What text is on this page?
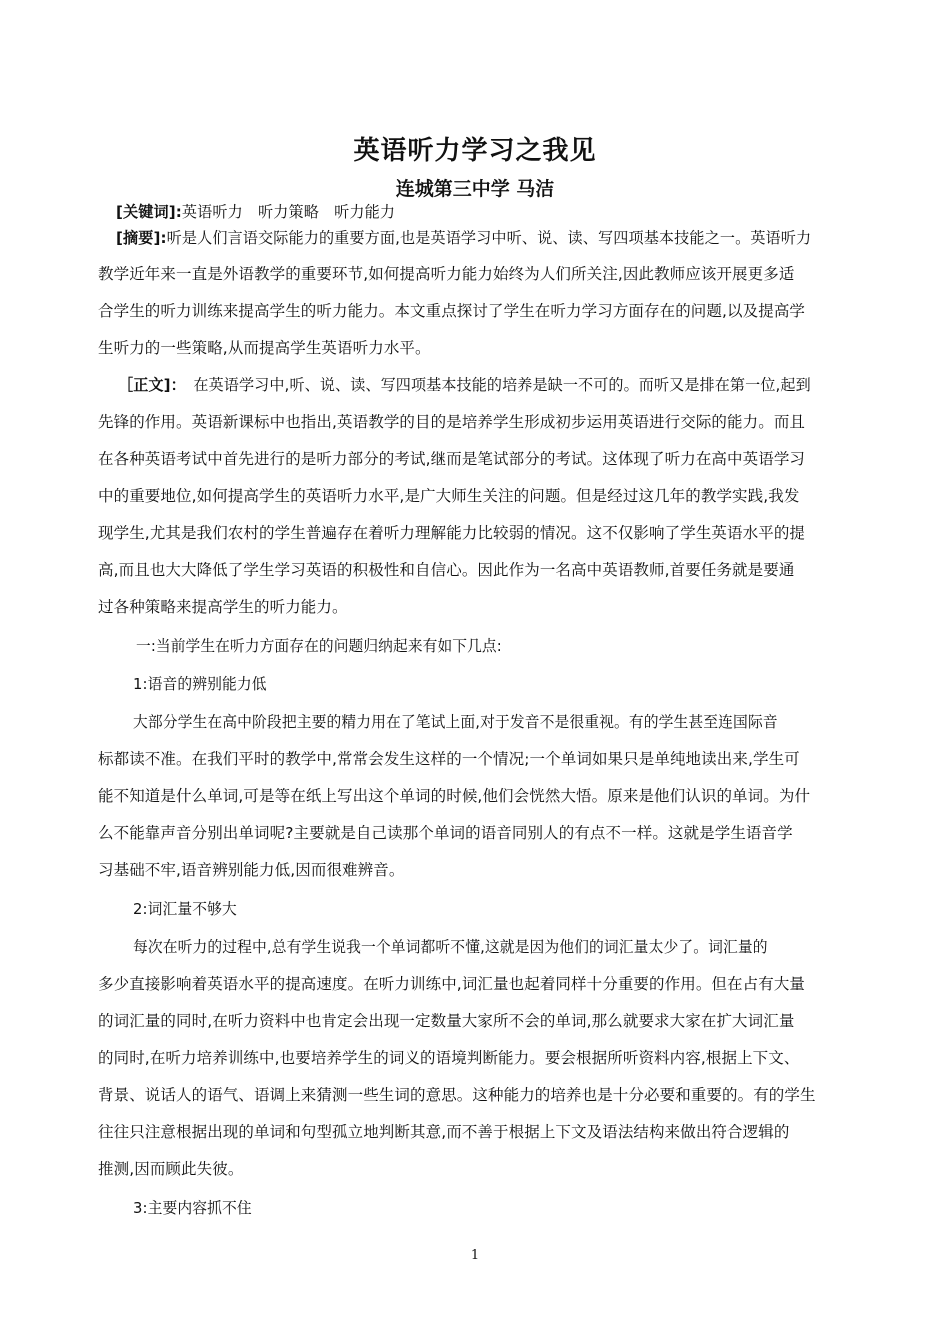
英语听力学习之我见
连城第三中学 马洁
[关键词]:英语听力　听力策略　听力能力
[摘要]:听是人们言语交际能力的重要方面,也是英语学习中听、说、读、写四项基本技能之一。英语听力
教学近年来一直是外语教学的重要环节,如何提高听力能力始终为人们所关注,因此教师应该开展更多适
合学生的听力训练来提高学生的听力能力。本文重点探讨了学生在听力学习方面存在的问题,以及提高学
生听力的一些策略,从而提高学生英语听力水平。
［正文]：　在英语学习中,听、说、读、写四项基本技能的培养是缺一不可的。而听又是排在第一位,起到
先锋的作用。英语新课标中也指出,英语教学的目的是培养学生形成初步运用英语进行交际的能力。而且
在各种英语考试中首先进行的是听力部分的考试,继而是笔试部分的考试。这体现了听力在高中英语学习
中的重要地位,如何提高学生的英语听力水平,是广大师生关注的问题。但是经过这几年的教学实践,我发
现学生,尤其是我们农村的学生普遍存在着听力理解能力比较弱的情况。这不仅影响了学生英语水平的提
高,而且也大大降低了学生学习英语的积极性和自信心。因此作为一名高中英语教师,首要任务就是要通
过各种策略来提高学生的听力能力。
一:当前学生在听力方面存在的问题归纳起来有如下几点:
1:语音的辨别能力低
大部分学生在高中阶段把主要的精力用在了笔试上面,对于发音不是很重视。有的学生甚至连国际音
标都读不准。在我们平时的教学中,常常会发生这样的一个情况;一个单词如果只是单纯地读出来,学生可
能不知道是什么单词,可是等在纸上写出这个单词的时候,他们会恍然大悟。原来是他们认识的单词。为什
么不能靠声音分别出单词呢?主要就是自己读那个单词的语音同别人的有点不一样。这就是学生语音学
习基础不牢,语音辨别能力低,因而很难辨音。
2:词汇量不够大
每次在听力的过程中,总有学生说我一个单词都听不懂,这就是因为他们的词汇量太少了。词汇量的
多少直接影响着英语水平的提高速度。在听力训练中,词汇量也起着同样十分重要的作用。但在占有大量
的词汇量的同时,在听力资料中也肯定会出现一定数量大家所不会的单词,那么就要求大家在扩大词汇量
的同时,在听力培养训练中,也要培养学生的词义的语境判断能力。要会根据所听资料内容,根据上下文、
背景、说话人的语气、语调上来猜测一些生词的意思。这种能力的培养也是十分必要和重要的。有的学生
往往只注意根据出现的单词和句型孤立地判断其意,而不善于根据上下文及语法结构来做出符合逻辑的
推测,因而顾此失彼。
3:主要内容抓不住
1
